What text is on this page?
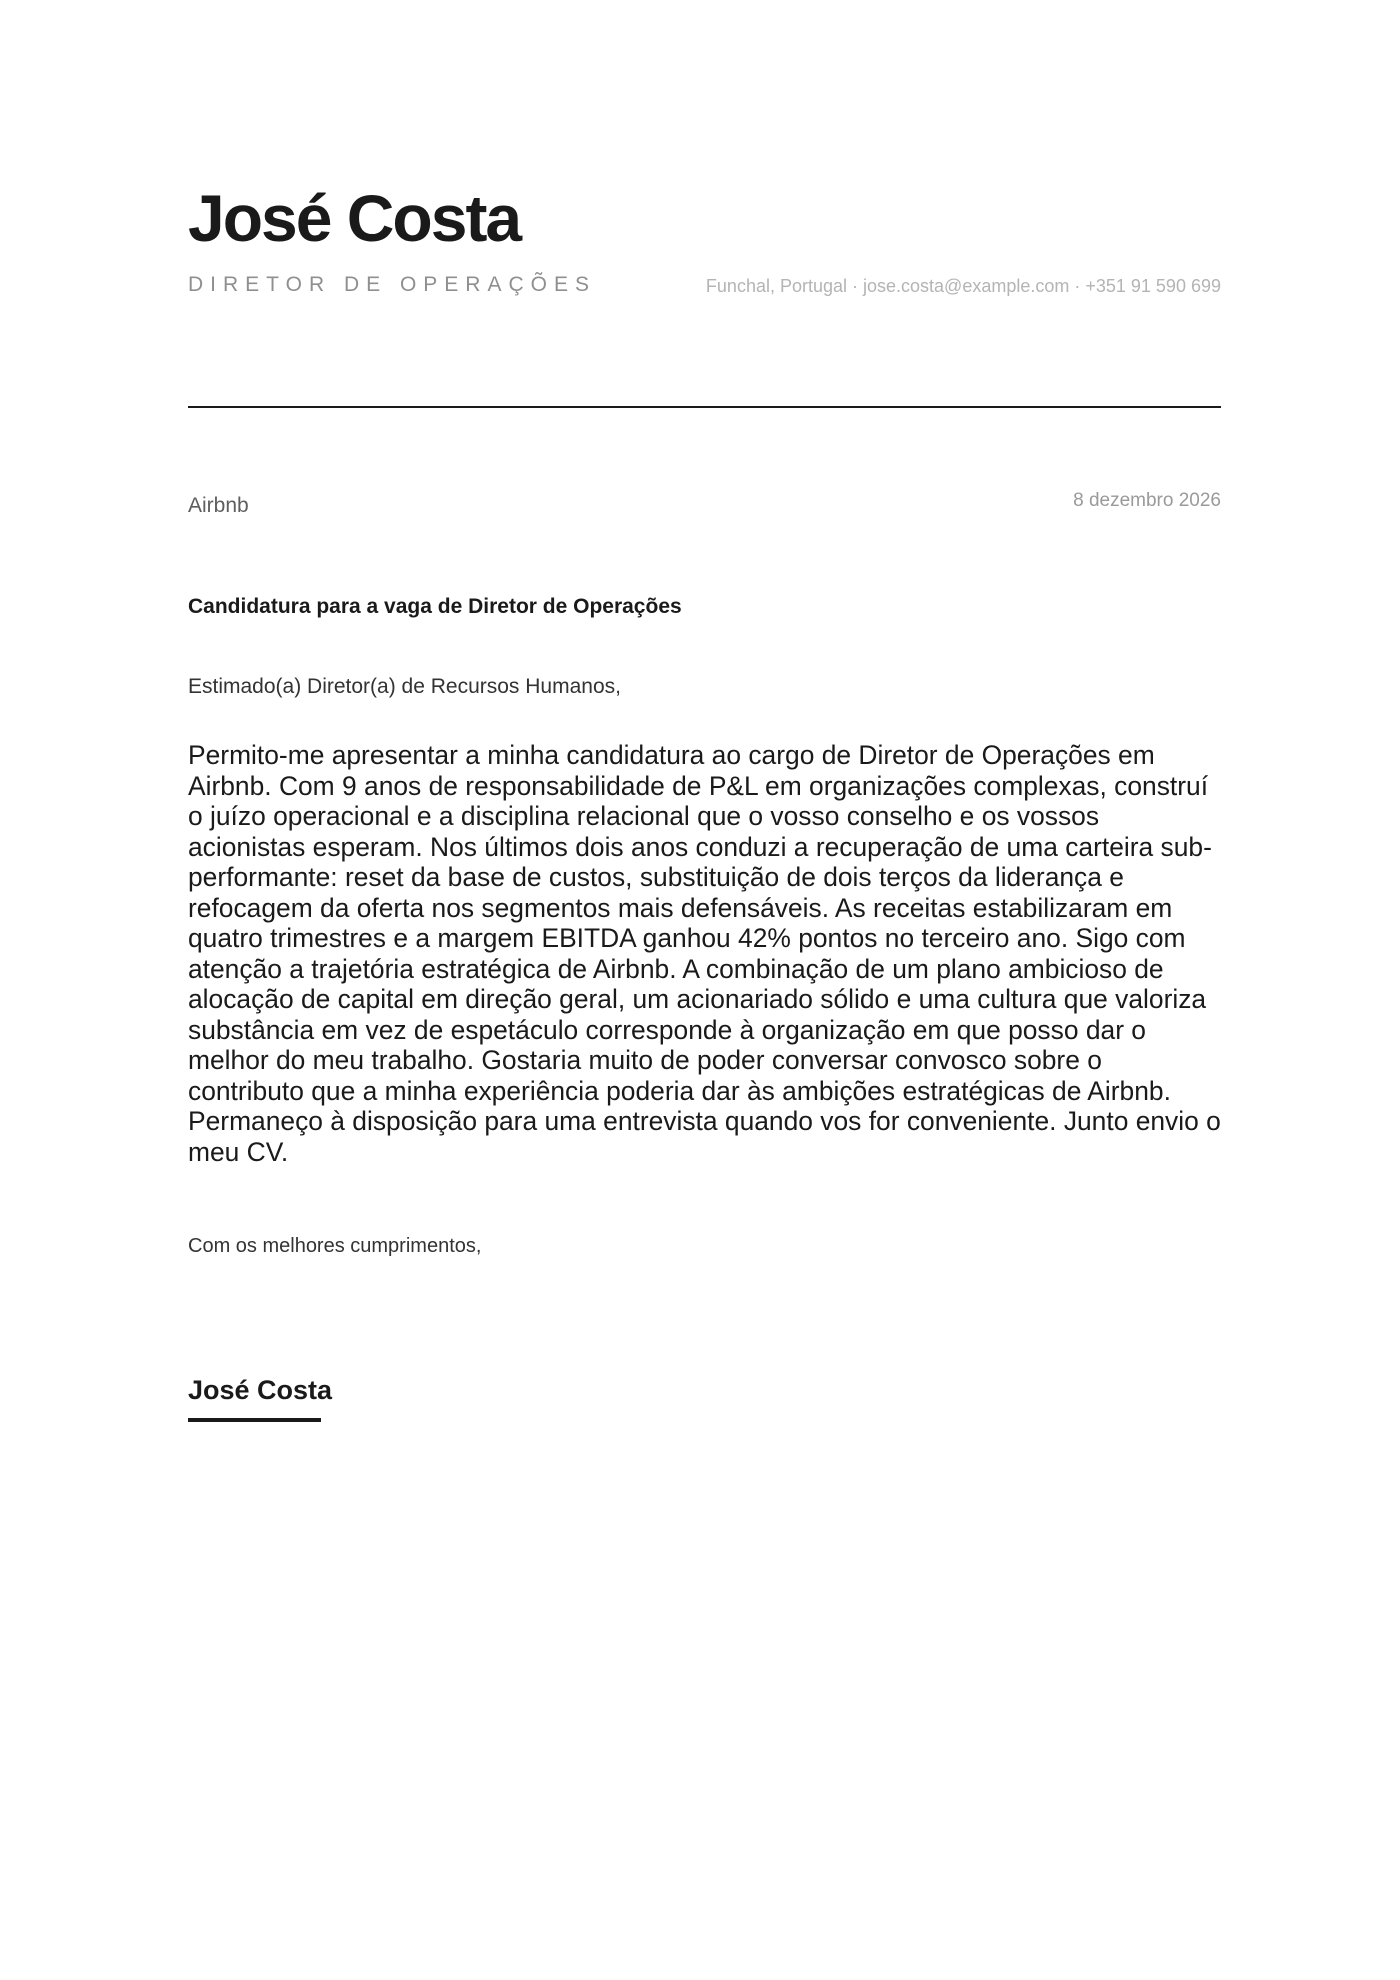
José Costa
DIRETOR DE OPERAÇÕES	Funchal, Portugal · jose.costa@example.com · +351 91 590 699
Airbnb	8 dezembro 2026
Candidatura para a vaga de Diretor de Operações
Estimado(a) Diretor(a) de Recursos Humanos,

Permito-me apresentar a minha candidatura ao cargo de Diretor de Operações em Airbnb. Com 9 anos de responsabilidade de P&L em organizações complexas, construí o juízo operacional e a disciplina relacional que o vosso conselho e os vossos acionistas esperam. Nos últimos dois anos conduzi a recuperação de uma carteira sub-performante: reset da base de custos, substituição de dois terços da liderança e refocagem da oferta nos segmentos mais defensáveis. As receitas estabilizaram em quatro trimestres e a margem EBITDA ganhou 42% pontos no terceiro ano. Sigo com atenção a trajetória estratégica de Airbnb. A combinação de um plano ambicioso de alocação de capital em direção geral, um acionariado sólido e uma cultura que valoriza substância em vez de espetáculo corresponde à organização em que posso dar o melhor do meu trabalho. Gostaria muito de poder conversar convosco sobre o contributo que a minha experiência poderia dar às ambições estratégicas de Airbnb. Permaneço à disposição para uma entrevista quando vos for conveniente. Junto envio o meu CV.

Com os melhores cumprimentos,
José Costa
